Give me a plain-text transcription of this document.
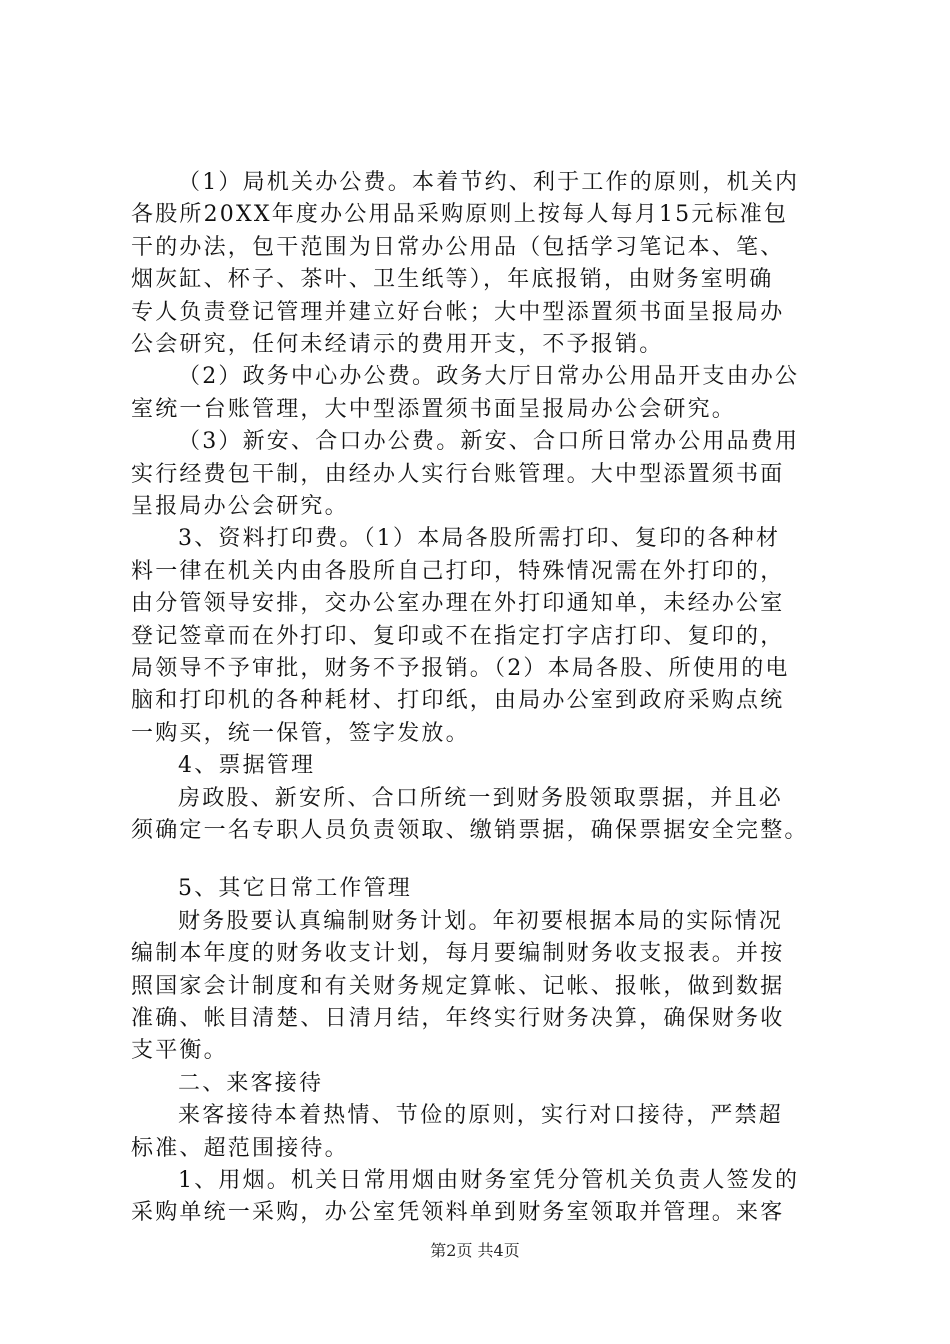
（1）局机关办公费。本着节约、利于工作的原则，机关内
各股所20XX年度办公用品采购原则上按每人每月15元标准包
干的办法，包干范围为日常办公用品（包括学习笔记本、笔、
烟灰缸、杯子、茶叶、卫生纸等），年底报销，由财务室明确
专人负责登记管理并建立好台帐；大中型添置须书面呈报局办
公会研究，任何未经请示的费用开支，不予报销。
（2）政务中心办公费。政务大厅日常办公用品开支由办公
室统一台账管理，大中型添置须书面呈报局办公会研究。
（3）新安、合口办公费。新安、合口所日常办公用品费用
实行经费包干制，由经办人实行台账管理。大中型添置须书面
呈报局办公会研究。
3、资料打印费。（1）本局各股所需打印、复印的各种材
料一律在机关内由各股所自己打印，特殊情况需在外打印的，
由分管领导安排，交办公室办理在外打印通知单，未经办公室
登记签章而在外打印、复印或不在指定打字店打印、复印的，
局领导不予审批，财务不予报销。（2）本局各股、所使用的电
脑和打印机的各种耗材、打印纸，由局办公室到政府采购点统
一购买，统一保管，签字发放。
4、票据管理
房政股、新安所、合口所统一到财务股领取票据，并且必
须确定一名专职人员负责领取、缴销票据，确保票据安全完整。
5、其它日常工作管理
财务股要认真编制财务计划。年初要根据本局的实际情况
编制本年度的财务收支计划，每月要编制财务收支报表。并按
照国家会计制度和有关财务规定算帐、记帐、报帐，做到数据
准确、帐目清楚、日清月结，年终实行财务决算，确保财务收
支平衡。
二、来客接待
来客接待本着热情、节俭的原则，实行对口接待，严禁超
标准、超范围接待。
1、用烟。机关日常用烟由财务室凭分管机关负责人签发的
采购单统一采购，办公室凭领料单到财务室领取并管理。来客
第2页 共4页
